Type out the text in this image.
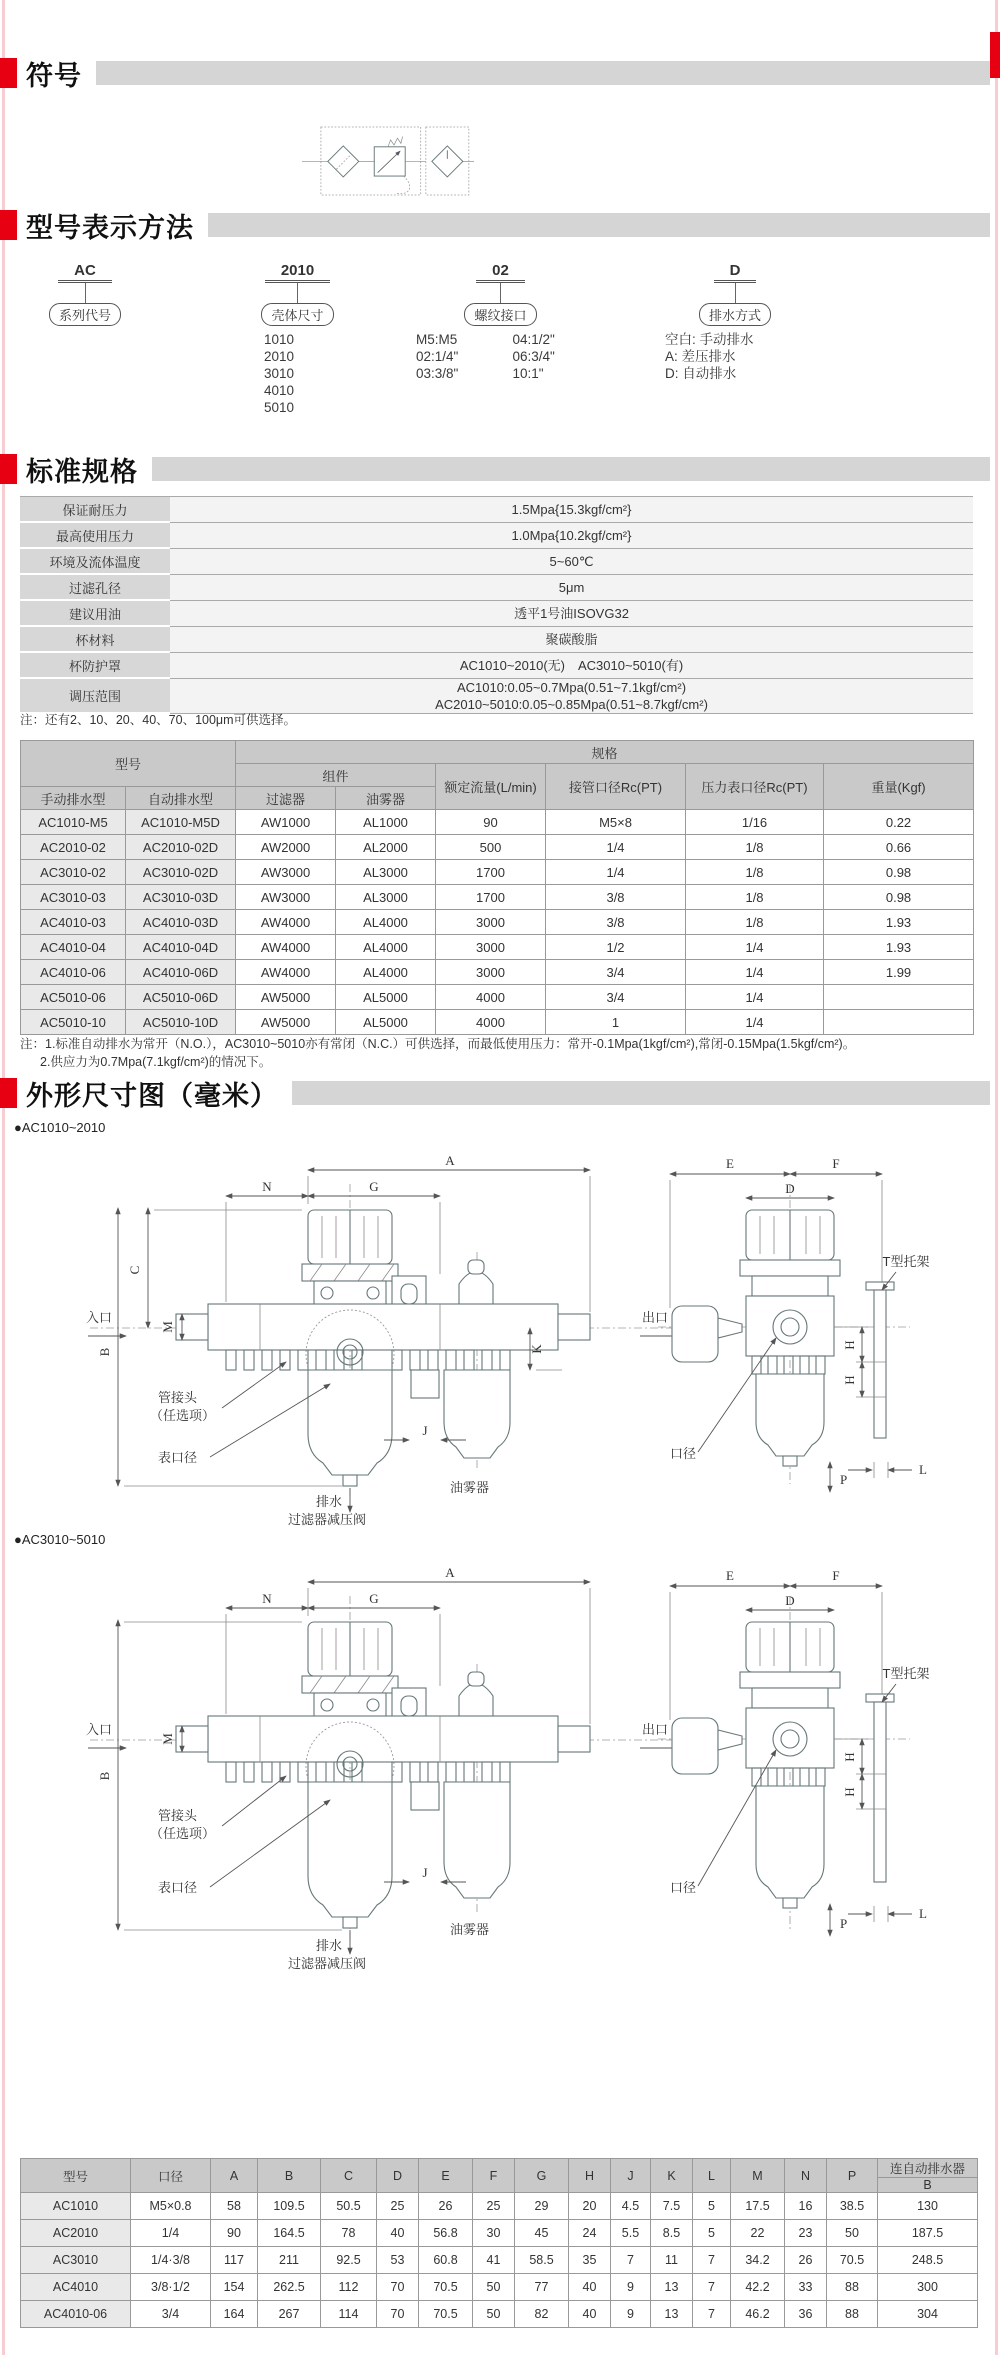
符号
型号表示方法
AC
系列代号
2010
壳体尺寸
1010
2010
3010
4010
5010
02
螺纹接口
M5:M5	04:1/2"
02:1/4"	06:3/4"
03:3/8"	10:1"
D
排水方式
空白: 手动排水
A: 差压排水
D: 自动排水
标准规格
保证耐压力	1.5Mpa{15.3kgf/cm²}
最高使用压力	1.0Mpa{10.2kgf/cm²}
环境及流体温度	5~60℃
过滤孔径	5μm
建议用油	透平1号油ISOVG32
杯材料	聚碳酸脂
杯防护罩	AC1010~2010(无)　AC3010~5010(有)
调压范围
AC1010:0.05~0.7Mpa(0.51~7.1kgf/cm²)
AC2010~5010:0.05~0.85Mpa(0.51~8.7kgf/cm²)
注：还有2、10、20、40、70、100μm可供选择。
型号		规格					
		组件		额定流量(L/min)	接管口径Rc(PT)	压力表口径Rc(PT)	重量(Kgf)
手动排水型	自动排水型	过滤器	油雾器				
AC1010-M5	AC1010-M5D	AW1000	AL1000	90	M5×8	1/16	0.22
AC2010-02	AC2010-02D	AW2000	AL2000	500	1/4	1/8	0.66
AC3010-02	AC3010-02D	AW3000	AL3000	1700	1/4	1/8	0.98
AC3010-03	AC3010-03D	AW3000	AL3000	1700	3/8	1/8	0.98
AC4010-03	AC4010-03D	AW4000	AL4000	3000	3/8	1/8	1.93
AC4010-04	AC4010-04D	AW4000	AL4000	3000	1/2	1/4	1.93
AC4010-06	AC4010-06D	AW4000	AL4000	3000	3/4	1/4	1.99
AC5010-06	AC5010-06D	AW5000	AL5000	4000	3/4	1/4	
AC5010-10	AC5010-10D	AW5000	AL5000	4000	1	1/4	
注：1.标准自动排水为常开（N.O.），AC3010~5010亦有常闭（N.C.）可供选择，而最低使用压力：常开-0.1Mpa(1kgf/cm²),常闭-0.15Mpa(1.5kgf/cm²)。
2.供应力为0.7Mpa(7.1kgf/cm²)的情况下。
外形尺寸图（毫米）
●AC1010~2010
A
N	G
C
B
M
K
J
入口	出口
管接头
（任选项）
表口径
油雾器
排水
过滤器减压阀
E	F
D
T型托架
H
H
L
口径
P
●AC3010~5010
A
N	G
B
M
J
入口	出口
管接头
（任选项）
表口径
油雾器
排水
过滤器减压阀
E	F
D
T型托架
H
H
L
口径
P
型号	口径	A	B	C	D	E	F	G	H	J	K	L	M	N	P	连自动排水器
B

AC1010	M5×0.8	58	109.5	50.5	25	26	25	29	20	4.5	7.5	5	17.5	16	38.5	130
AC2010	1/4	90	164.5	78	40	56.8	30	45	24	5.5	8.5	5	22	23	50	187.5
AC3010	1/4·3/8	117	211	92.5	53	60.8	41	58.5	35	7	11	7	34.2	26	70.5	248.5
AC4010	3/8·1/2	154	262.5	112	70	70.5	50	77	40	9	13	7	42.2	33	88	300
AC4010-06	3/4	164	267	114	70	70.5	50	82	40	9	13	7	46.2	36	88	304
